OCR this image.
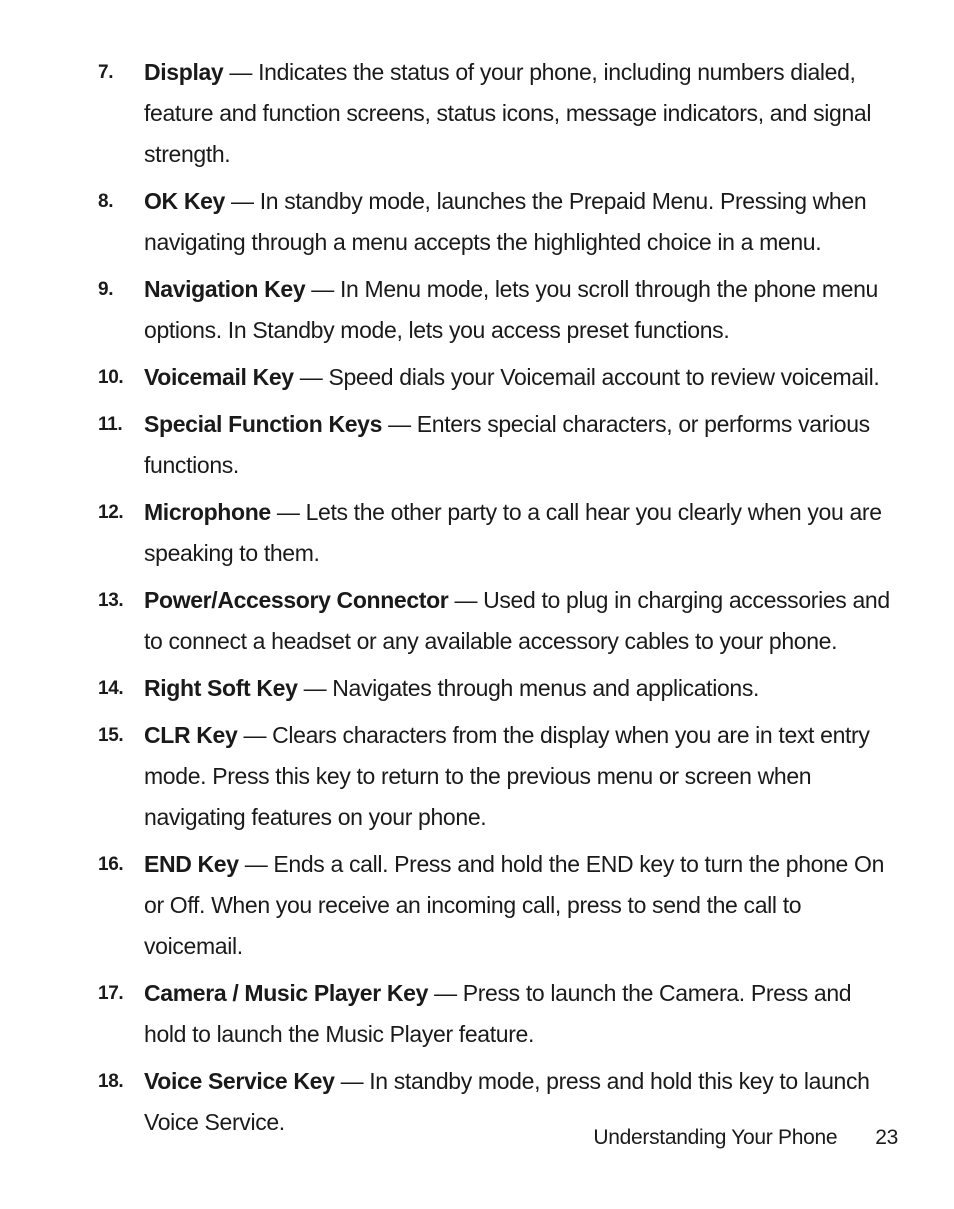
7. Display — Indicates the status of your phone, including numbers dialed, feature and function screens, status icons, message indicators, and signal strength.
8. OK Key — In standby mode, launches the Prepaid Menu. Pressing when navigating through a menu accepts the highlighted choice in a menu.
9. Navigation Key — In Menu mode, lets you scroll through the phone menu options. In Standby mode, lets you access preset functions.
10. Voicemail Key — Speed dials your Voicemail account to review voicemail.
11. Special Function Keys — Enters special characters, or performs various functions.
12. Microphone — Lets the other party to a call hear you clearly when you are speaking to them.
13. Power/Accessory Connector — Used to plug in charging accessories and to connect a headset or any available accessory cables to your phone.
14. Right Soft Key — Navigates through menus and applications.
15. CLR Key — Clears characters from the display when you are in text entry mode. Press this key to return to the previous menu or screen when navigating features on your phone.
16. END Key — Ends a call. Press and hold the END key to turn the phone On or Off. When you receive an incoming call, press to send the call to voicemail.
17. Camera / Music Player Key — Press to launch the Camera. Press and hold to launch the Music Player feature.
18. Voice Service Key — In standby mode, press and hold this key to launch Voice Service.
Understanding Your Phone 23
